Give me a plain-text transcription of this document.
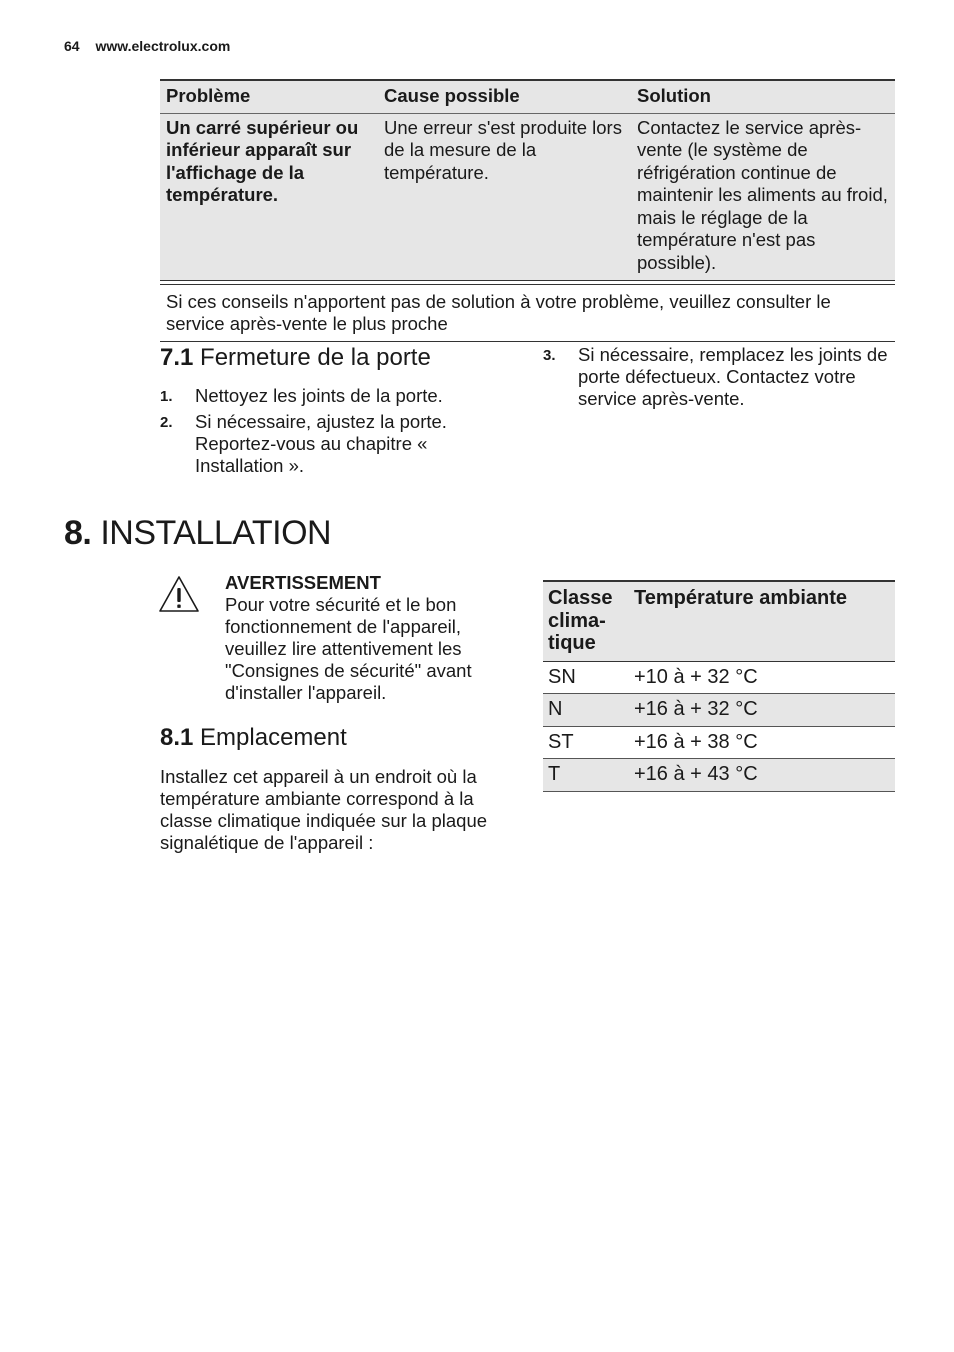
64 www.electrolux.com
Problème	Cause possible	Solution
Un carré supérieur ou inférieur apparaît sur l'affichage de la température.	Une erreur s'est produite lors de la mesure de la température.	Contactez le service après-vente (le système de réfrigération continue de maintenir les aliments au froid, mais le réglage de la température n'est pas possible).
Si ces conseils n'apportent pas de solution à votre problème, veuillez consulter le service après-vente le plus proche
7.1 Fermeture de la porte
1. Nettoyez les joints de la porte.
2. Si nécessaire, ajustez la porte. Reportez-vous au chapitre « Installation ».
3. Si nécessaire, remplacez les joints de porte défectueux. Contactez votre service après-vente.
8. INSTALLATION
AVERTISSEMENT
Pour votre sécurité et le bon fonctionnement de l'appareil, veuillez lire attentivement les "Consignes de sécurité" avant d'installer l'appareil.
8.1 Emplacement
Installez cet appareil à un endroit où la température ambiante correspond à la classe climatique indiquée sur la plaque signalétique de l'appareil :
Classe clima-tique	Température ambiante
SN	+10 à + 32 °C
N	+16 à + 32 °C
ST	+16 à + 38 °C
T	+16 à + 43 °C
